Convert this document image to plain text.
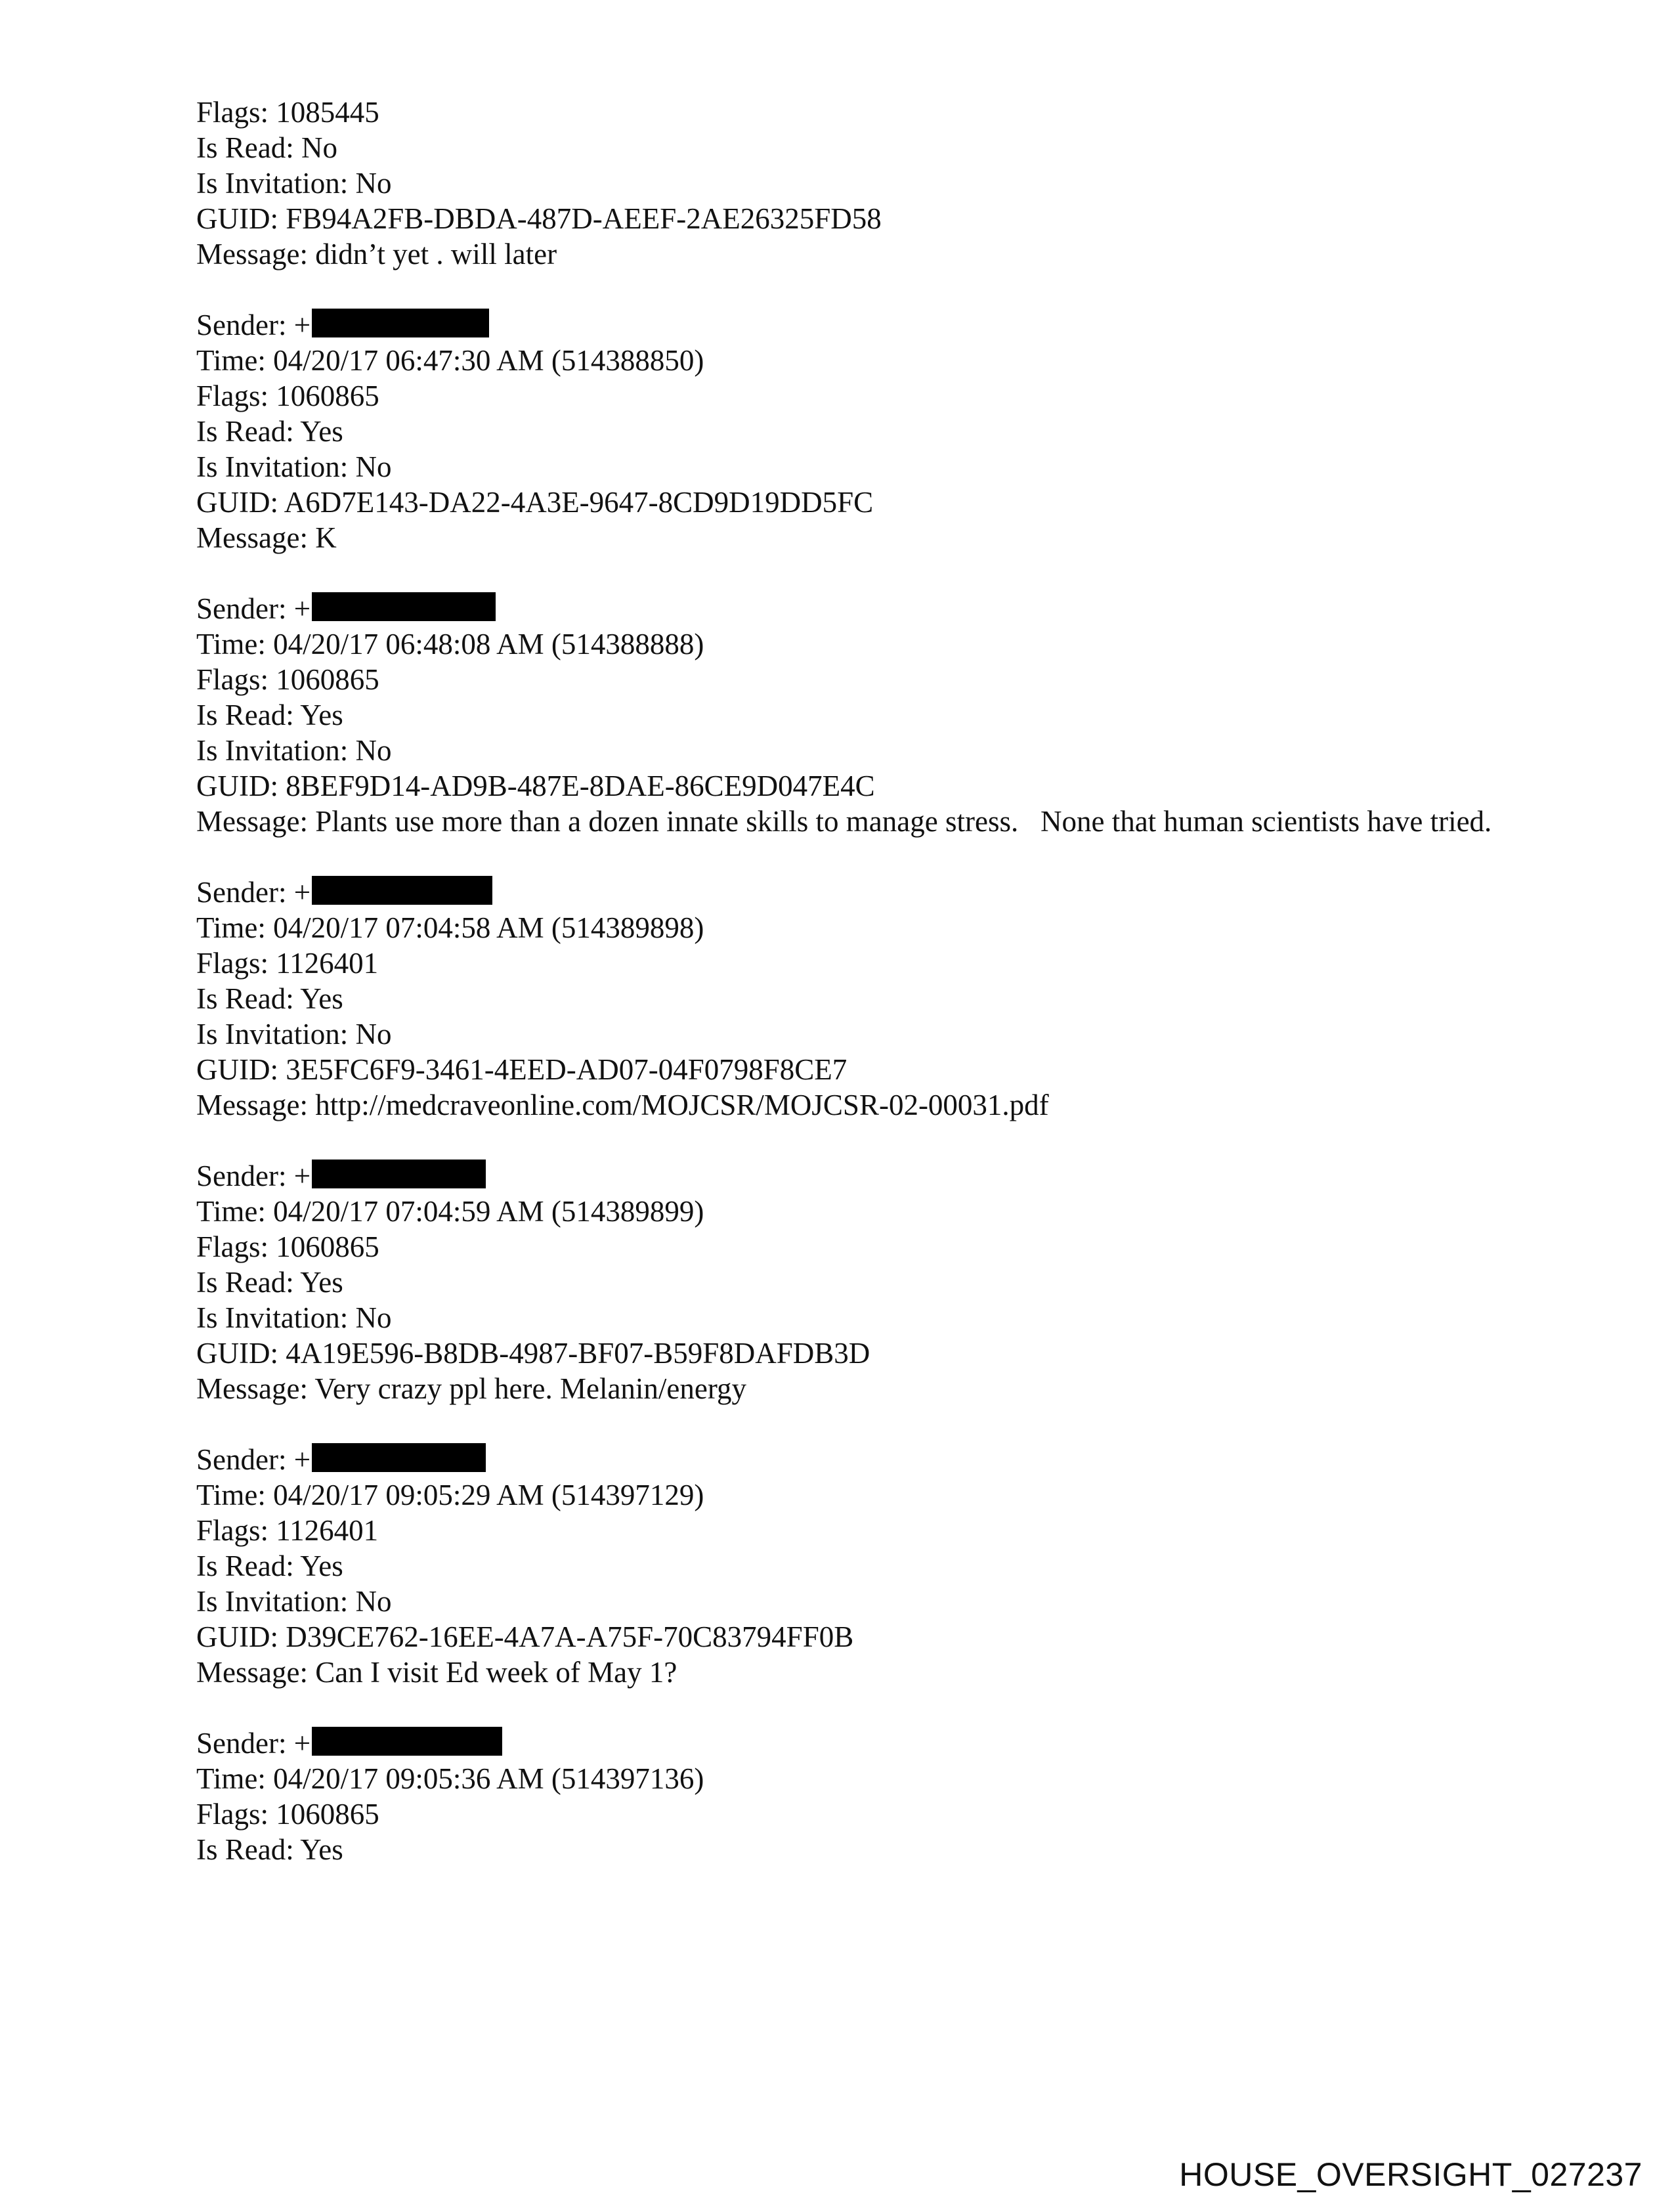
Flags: 1085445
Is Read: No
Is Invitation: No
GUID: FB94A2FB-DBDA-487D-AEEF-2AE26325FD58
Message: didn’t yet . will later
Sender: +
Time: 04/20/17 06:47:30 AM (514388850)
Flags: 1060865
Is Read: Yes
Is Invitation: No
GUID: A6D7E143-DA22-4A3E-9647-8CD9D19DD5FC
Message: K
Sender: +
Time: 04/20/17 06:48:08 AM (514388888)
Flags: 1060865
Is Read: Yes
Is Invitation: No
GUID: 8BEF9D14-AD9B-487E-8DAE-86CE9D047E4C
Message: Plants use more than a dozen innate skills to manage stress.   None that human scientists have tried.
Sender: +
Time: 04/20/17 07:04:58 AM (514389898)
Flags: 1126401
Is Read: Yes
Is Invitation: No
GUID: 3E5FC6F9-3461-4EED-AD07-04F0798F8CE7
Message: http://medcraveonline.com/MOJCSR/MOJCSR-02-00031.pdf
Sender: +
Time: 04/20/17 07:04:59 AM (514389899)
Flags: 1060865
Is Read: Yes
Is Invitation: No
GUID: 4A19E596-B8DB-4987-BF07-B59F8DAFDB3D
Message: Very crazy ppl here. Melanin/energy
Sender: +
Time: 04/20/17 09:05:29 AM (514397129)
Flags: 1126401
Is Read: Yes
Is Invitation: No
GUID: D39CE762-16EE-4A7A-A75F-70C83794FF0B
Message: Can I visit Ed week of May 1?
Sender: +
Time: 04/20/17 09:05:36 AM (514397136)
Flags: 1060865
Is Read: Yes
HOUSE_OVERSIGHT_027237
